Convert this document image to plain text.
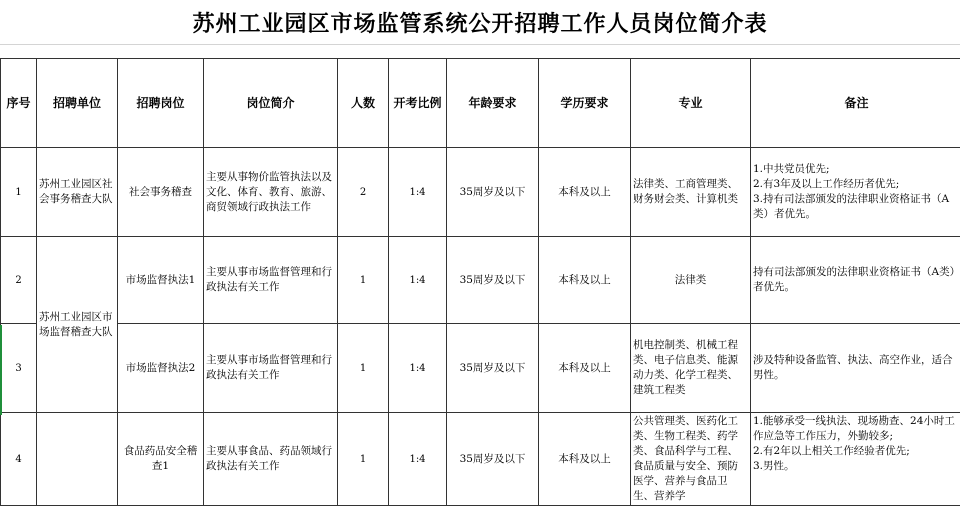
苏州工业园区市场监管系统公开招聘工作人员岗位简介表
序号	招聘单位	招聘岗位	岗位简介	人数	开考比例	年龄要求	学历要求	专业	备注
1	苏州工业园区社会事务稽查大队	社会事务稽查	主要从事物价监管执法以及文化、体育、教育、旅游、商贸领域行政执法工作	2	1:4	35周岁及以下	本科及以上	法律类、工商管理类、财务财会类、计算机类	1.中共党员优先;
2.有3年及以上工作经历者优先;
3.持有司法部颁发的法律职业资格证书（A类）者优先。
2	苏州工业园区市场监督稽查大队	市场监督执法1	主要从事市场监督管理和行政执法有关工作	1	1:4	35周岁及以下	本科及以上	法律类	持有司法部颁发的法律职业资格证书（A类）者优先。
3		市场监督执法2	主要从事市场监督管理和行政执法有关工作	1	1:4	35周岁及以下	本科及以上	机电控制类、机械工程类、电子信息类、能源动力类、化学工程类、建筑工程类	涉及特种设备监管、执法、高空作业，适合男性。
4		食品药品安全稽查1	主要从事食品、药品领域行政执法有关工作	1	1:4	35周岁及以下	本科及以上	公共管理类、医药化工类、生物工程类、药学类、食品科学与工程、食品质量与安全、预防医学、营养与食品卫生、营养学	1.能够承受一线执法、现场勘查、24小时工作应急等工作压力，外勤较多;
2.有2年以上相关工作经验者优先;
3.男性。
